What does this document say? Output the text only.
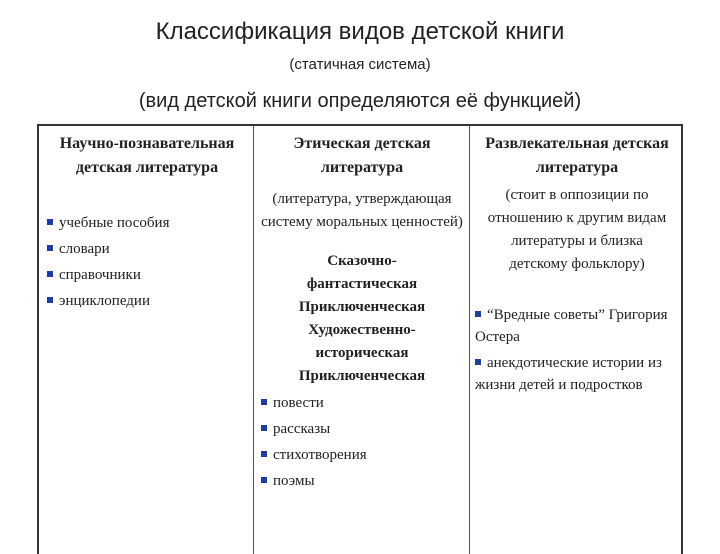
Классификация видов детской книги
(статичная система)
(вид детской книги определяются её функцией)
Научно-познавательная детская литература
учебные пособия
словари
справочники
энциклопедии
Этическая детская литература
(литература, утверждающая систему моральных ценностей)
Сказочно-фантастическая
Приключенческая
Художественно-историческая
Приключенческая
повести
рассказы
стихотворения
поэмы
Развлекательная детская литература
(стоит в оппозиции по отношению к другим видам литературы и близка детскому фольклору)
“Вредные советы” Григория Остера
анекдотические истории из жизни детей и подростков
